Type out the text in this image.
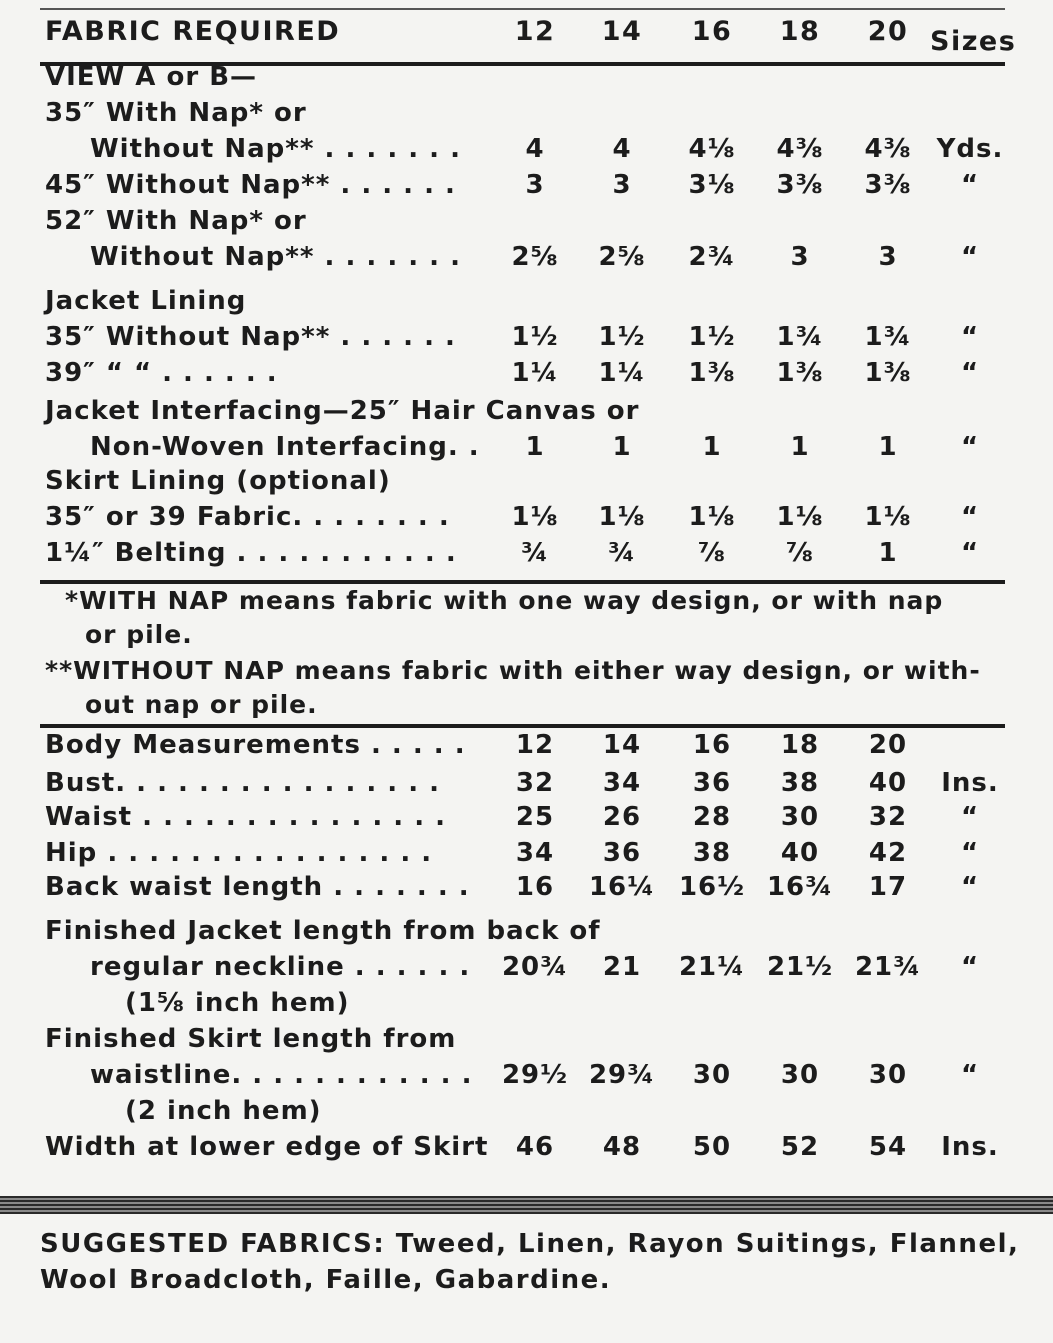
FABRIC REQUIRED	12	14	16	18	20 Sizes
VIEW A or B—
35″ With Nap* or
Without Nap** . . . . . . .	4	4	4⅛	4⅜	4⅜ Yds.
45″ Without Nap** . . . . . .	3	3	3⅛	3⅜	3⅜	“
52″ With Nap* or
Without Nap** . . . . . . .	2⅝	2⅝	2¾	3	3	“
Jacket Lining
35″ Without Nap** . . . . . .	1½	1½	1½	1¾	1¾	“
39″ “ “ . . . . . .	1¼	1¼	1⅜	1⅜	1⅜	“
Jacket Interfacing—25″ Hair Canvas or
Non-Woven Interfacing. .	1	1	1	1	1	“
Skirt Lining (optional)
35″ or 39 Fabric. . . . . . . .	1⅛	1⅛	1⅛	1⅛	1⅛	“
1¼″ Belting . . . . . . . . . . .	¾	¾	⅞	⅞	1	“
*WITH NAP means fabric with one way design, or with nap
or pile.
**WITHOUT NAP means fabric with either way design, or with-
out nap or pile.
Body Measurements . . . . .	12	14	16	18	20
Bust. . . . . . . . . . . . . . . .	32	34	36	38	40	Ins.
Waist . . . . . . . . . . . . . . .	25	26	28	30	32	“
Hip . . . . . . . . . . . . . . . .	34	36	38	40	42	“
Back waist length . . . . . . .	16	16¼ 16½ 16¾	17	“
Finished Jacket length from back of
regular neckline . . . . . . 20¾	21	21¼ 21½ 21¾	“
(1⅝ inch hem)
Finished Skirt length from
waistline. . . . . . . . . . . . 29½ 29¾	30	30	30	“
(2 inch hem)
Width at lower edge of Skirt	46	48	50	52	54	Ins.
SUGGESTED FABRICS: Tweed, Linen, Rayon Suitings, Flannel, Wool Broadcloth, Faille, Gabardine.
